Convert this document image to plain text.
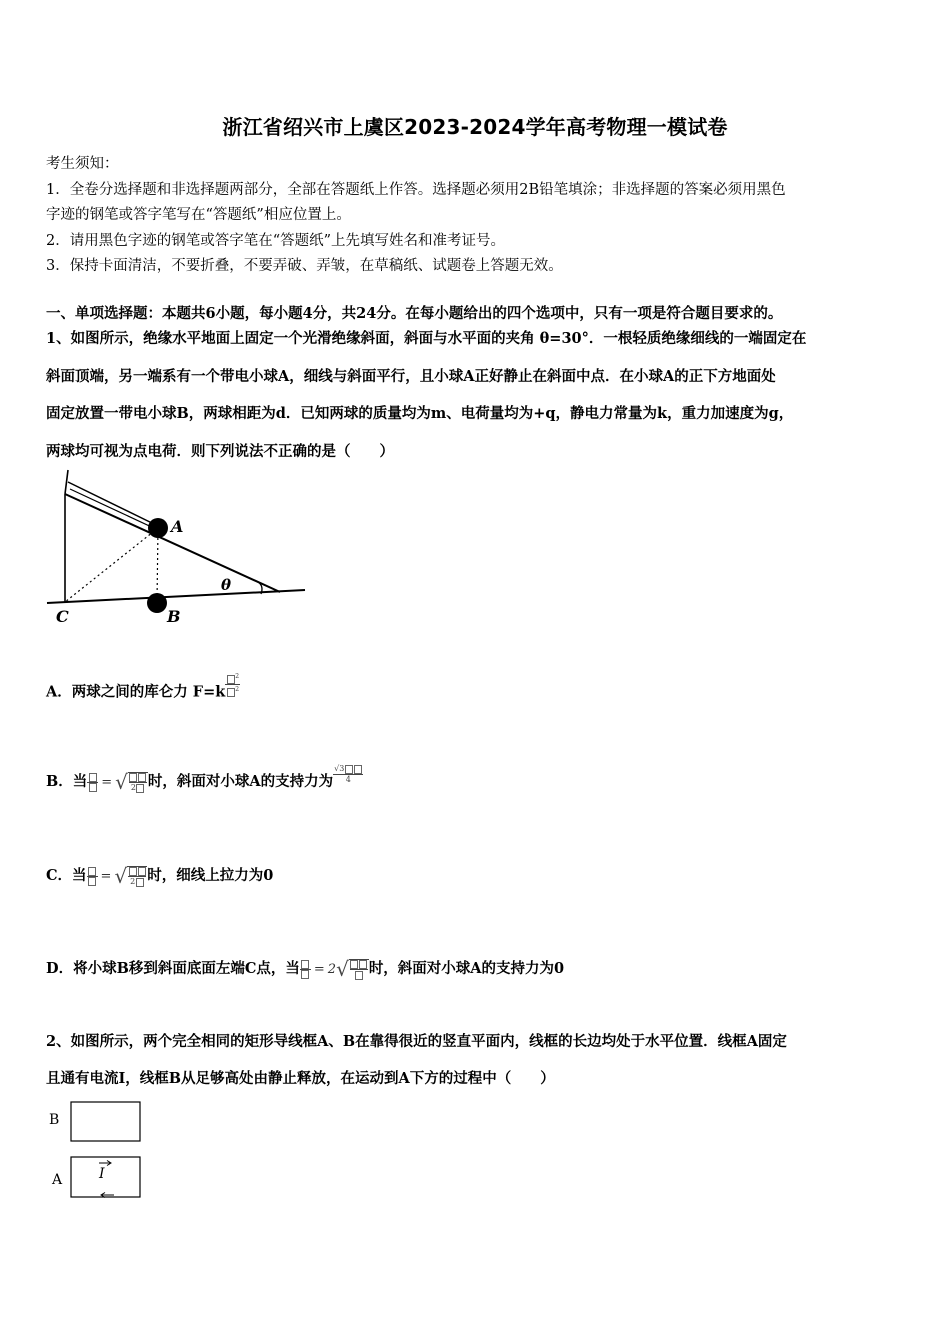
浙江省绍兴市上虞区2023-2024学年高考物理一模试卷
考生须知：
1．全卷分选择题和非选择题两部分，全部在答题纸上作答。选择题必须用2B铅笔填涂；非选择题的答案必须用黑色
字迹的钢笔或答字笔写在“答题纸”相应位置上。
2．请用黑色字迹的钢笔或答字笔在“答题纸”上先填写姓名和准考证号。
3．保持卡面清洁，不要折叠，不要弄破、弄皱，在草稿纸、试题卷上答题无效。
一、单项选择题：本题共6小题，每小题4分，共24分。在每小题给出的四个选项中，只有一项是符合题目要求的。
1、如图所示，绝缘水平地面上固定一个光滑绝缘斜面，斜面与水平面的夹角 θ=30°．一根轻质绝缘细线的一端固定在
斜面顶端，另一端系有一个带电小球A，细线与斜面平行，且小球A正好静止在斜面中点．在小球A的正下方地面处
固定放置一带电小球B，两球相距为d．已知两球的质量均为m、电荷量均为+q，静电力常量为k，重力加速度为g，
两球均可视为点电荷．则下列说法不正确的是（　　）
A
B
C
θ
A．两球之间的库仑力 $F=k \frac{^2}{^2}$
B．当 = √ 2 时，斜面对小球A的支持力为 $\frac{√3}{4}$
C．当 = √ 2 时，细线上拉力为0
D．将小球B移到斜面底面左端C点，当 = 2 √ 时，斜面对小球A的支持力为0
2、如图所示，两个完全相同的矩形导线框A、B在靠得很近的竖直平面内，线框的长边均处于水平位置．线框A固定
且通有电流I，线框B从足够高处由静止释放，在运动到A下方的过程中（　　）
B
A	I
